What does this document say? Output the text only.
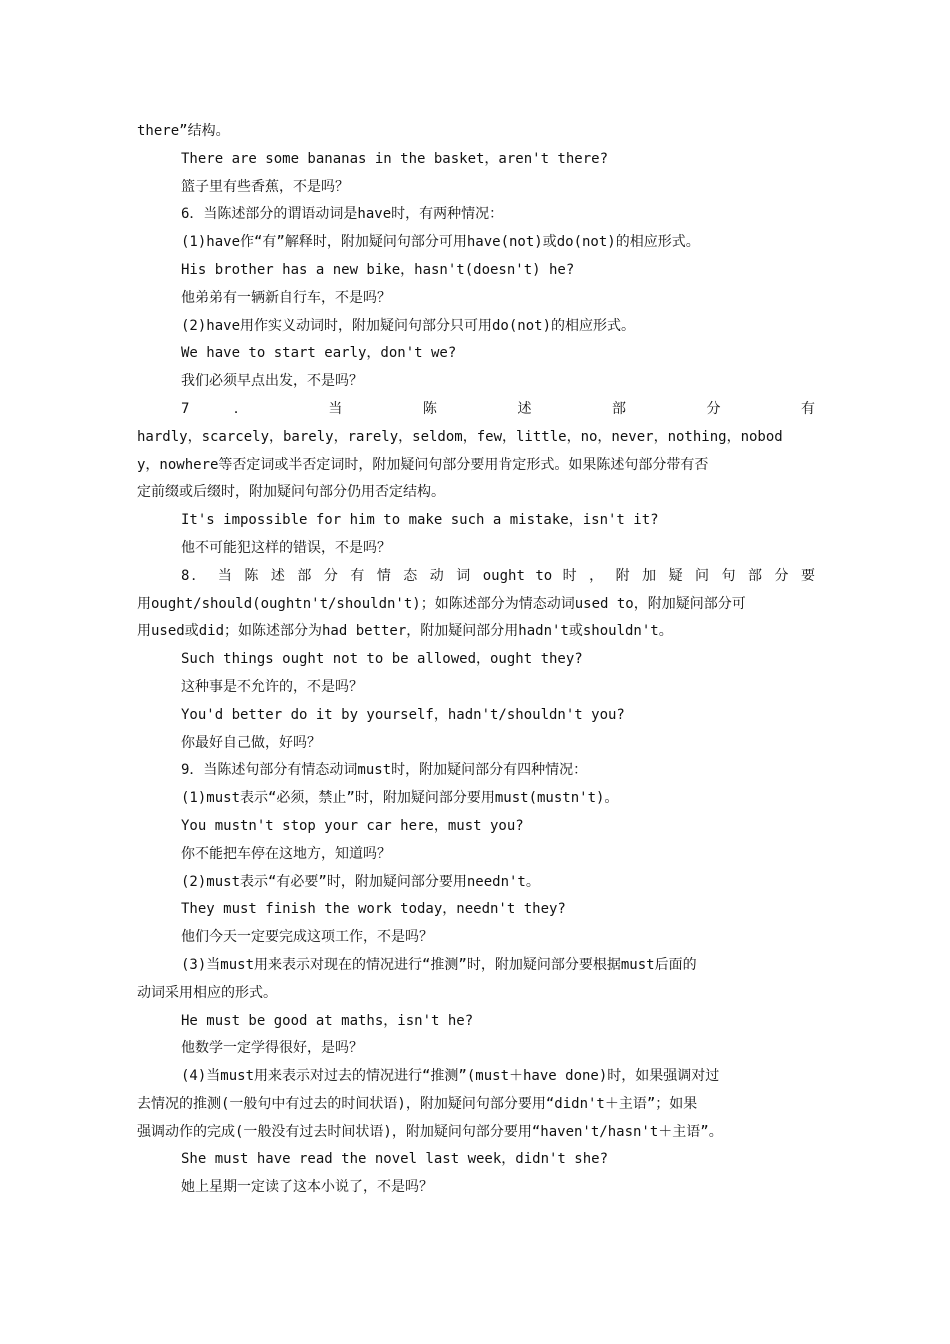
there”结构。
There are some bananas in the basket，aren't there?
篮子里有些香蕉，不是吗？
6．当陈述部分的谓语动词是have时，有两种情况：
(1)have作“有”解释时，附加疑问句部分可用have(not)或do(not)的相应形式。
His brother has a new bike，hasn't(doesn't) he?
他弟弟有一辆新自行车，不是吗？
(2)have用作实义动词时，附加疑问句部分只可用do(not)的相应形式。
We have to start early，don't we?
我们必须早点出发，不是吗？
7 ． 当 陈 述 部 分 有
hardly，scarcely，barely，rarely，seldom，few，little，no，never，nothing，nobod
y，nowhere等否定词或半否定词时，附加疑问句部分要用肯定形式。如果陈述句部分带有否
定前缀或后缀时，附加疑问句部分仍用否定结构。
It's impossible for him to make such a mistake，isn't it?
他不可能犯这样的错误，不是吗？
8． 当 陈 述 部 分 有 情 态 动 词 ought to 时 ， 附 加 疑 问 句 部 分 要
用ought/should(oughtn't/shouldn't)；如陈述部分为情态动词used to，附加疑问部分可
用used或did；如陈述部分为had better，附加疑问部分用hadn't或shouldn't。
Such things ought not to be allowed，ought they?
这种事是不允许的，不是吗？
You'd better do it by yourself，hadn't/shouldn't you?
你最好自己做，好吗？
9．当陈述句部分有情态动词must时，附加疑问部分有四种情况：
(1)must表示“必须，禁止”时，附加疑问部分要用must(mustn't)。
You mustn't stop your car here，must you?
你不能把车停在这地方，知道吗？
(2)must表示“有必要”时，附加疑问部分要用needn't。
They must finish the work today，needn't they?
他们今天一定要完成这项工作，不是吗？
(3)当must用来表示对现在的情况进行“推测”时，附加疑问部分要根据must后面的
动词采用相应的形式。
He must be good at maths，isn't he?
他数学一定学得很好，是吗？
(4)当must用来表示对过去的情况进行“推测”(must＋have done)时，如果强调对过
去情况的推测(一般句中有过去的时间状语)，附加疑问句部分要用“didn't＋主语”；如果
强调动作的完成(一般没有过去时间状语)，附加疑问句部分要用“haven't/hasn't＋主语”。
She must have read the novel last week，didn't she?
她上星期一定读了这本小说了，不是吗？
